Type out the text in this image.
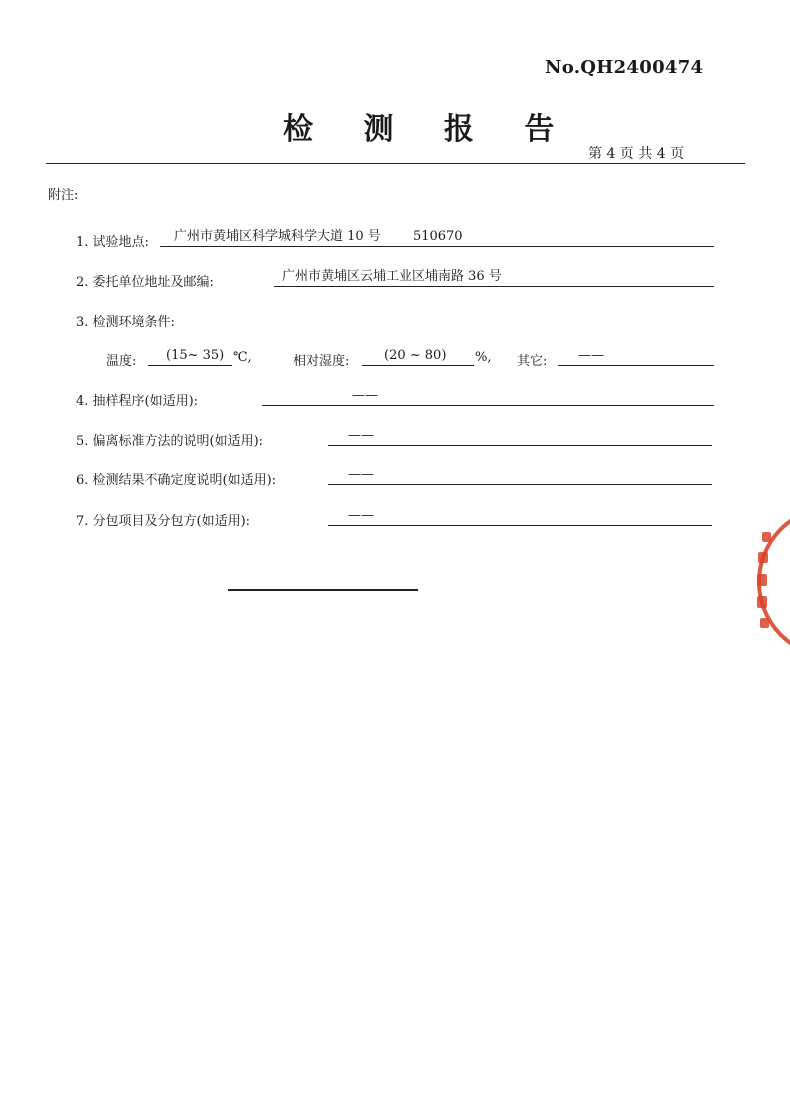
No.QH2400474
检 测 报 告
第 4 页 共 4 页
附注:
1. 试验地点:	广州市黄埔区科学城科学大道 10 号 510670
2. 委托单位地址及邮编:	广州市黄埔区云埔工业区埔南路 36 号
3. 检测环境条件:
温度:	(15~ 35) ℃,	相对湿度:	(20 ~ 80)	%, 其它:	——
4. 抽样程序(如适用):	——
5. 偏离标准方法的说明(如适用):	——
6. 检测结果不确定度说明(如适用):	——
7. 分包项目及分包方(如适用):	——
